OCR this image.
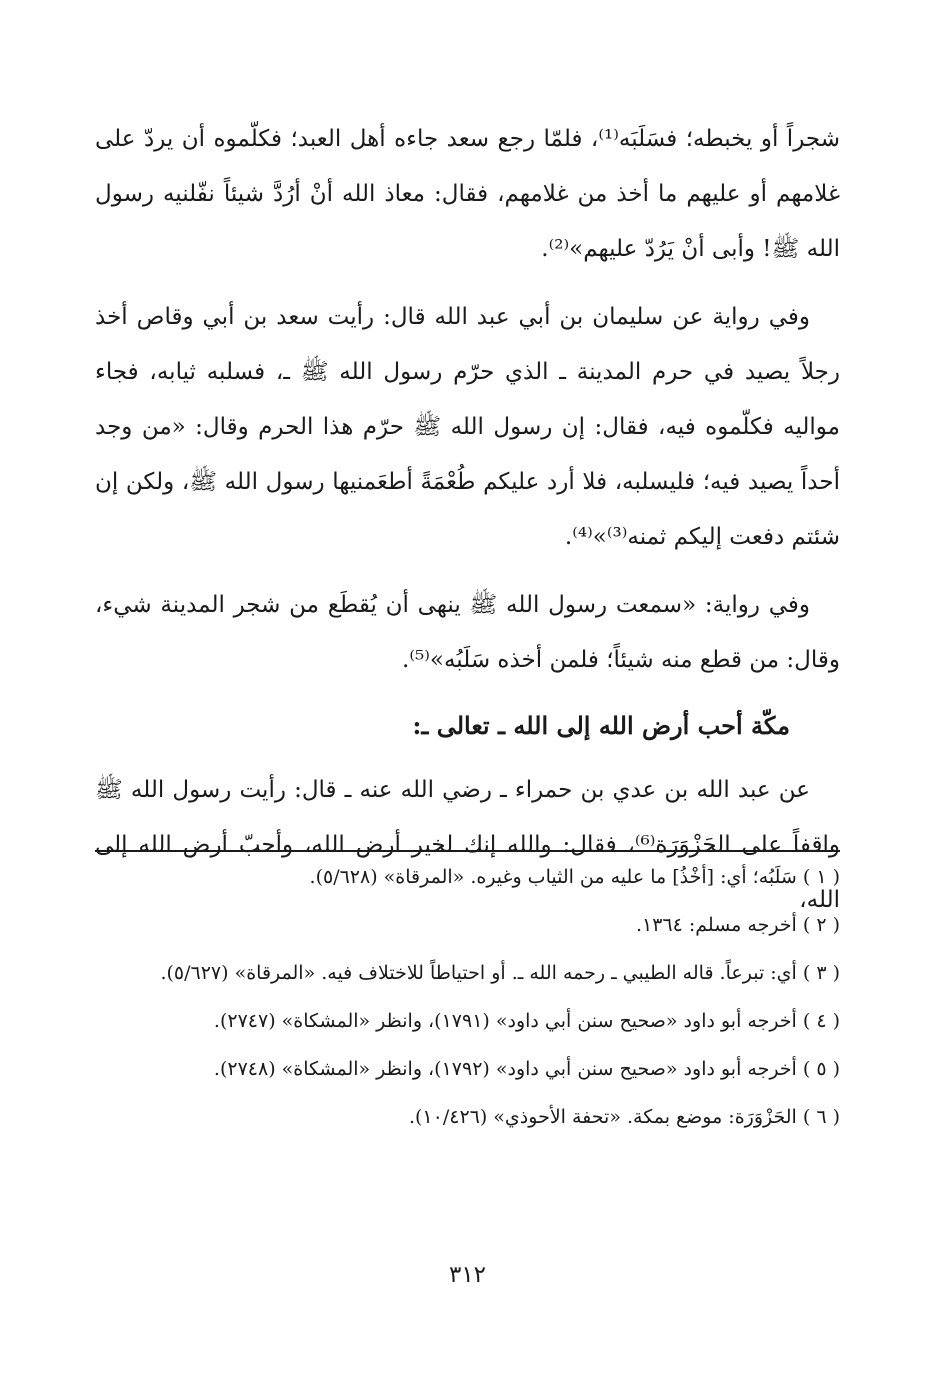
شجراً أو يخبطه؛ فسَلَبَه⁽¹⁾، فلمّا رجع سعد جاءه أهل العبد؛ فكلّموه أن يردّ على غلامهم أو عليهم ما أخذ من غلامهم، فقال: معاذ الله أنْ أرُدَّ شيئاً نفّلنيه رسول الله ﷺ! وأبى أنْ يَرُدّ عليهم»⁽²⁾.

وفي رواية عن سليمان بن أبي عبد الله قال: رأيت سعد بن أبي وقاص أخذ رجلاً يصيد في حرم المدينة ـ الذي حرّم رسول الله ﷺ ـ، فسلبه ثيابه، فجاء مواليه فكلّموه فيه، فقال: إن رسول الله ﷺ حرّم هذا الحرم وقال: «من وجد أحداً يصيد فيه؛ فليسلبه، فلا أرد عليكم طُعْمَةً أطعَمنيها رسول الله ﷺ، ولكن إن شئتم دفعت إليكم ثمنه⁽³⁾»⁽⁴⁾.

وفي رواية: «سمعت رسول الله ﷺ ينهى أن يُقطَع من شجر المدينة شيء، وقال: من قطع منه شيئاً؛ فلمن أخذه سَلَبُه»⁽⁵⁾.

مكّة أحب أرض الله إلى الله ـ تعالى ـ:

عن عبد الله بن عدي بن حمراء ـ رضي الله عنه ـ قال: رأيت رسول الله ﷺ واقفاً على الحَزْوَرَة⁽⁶⁾، فقال: والله إنك لخير أرض الله، وأحبّ أرض الله إلى الله،

( ١ ) سَلَبُه؛ أي: [أخْذُ] ما عليه من الثياب وغيره. «المرقاة» (٥/٦٢٨).

( ٢ ) أخرجه مسلم: ١٣٦٤.

( ٣ ) أي: تبرعاً. قاله الطيبي ـ رحمه الله ـ. أو احتياطاً للاختلاف فيه. «المرقاة» (٥/٦٢٧).

( ٤ ) أخرجه أبو داود «صحيح سنن أبي داود» (١٧٩١)، وانظر «المشكاة» (٢٧٤٧).

( ٥ ) أخرجه أبو داود «صحيح سنن أبي داود» (١٧٩٢)، وانظر «المشكاة» (٢٧٤٨).

( ٦ ) الحَزْوَرَة: موضع بمكة. «تحفة الأحوذي» (١٠/٤٢٦).

٣١٢
